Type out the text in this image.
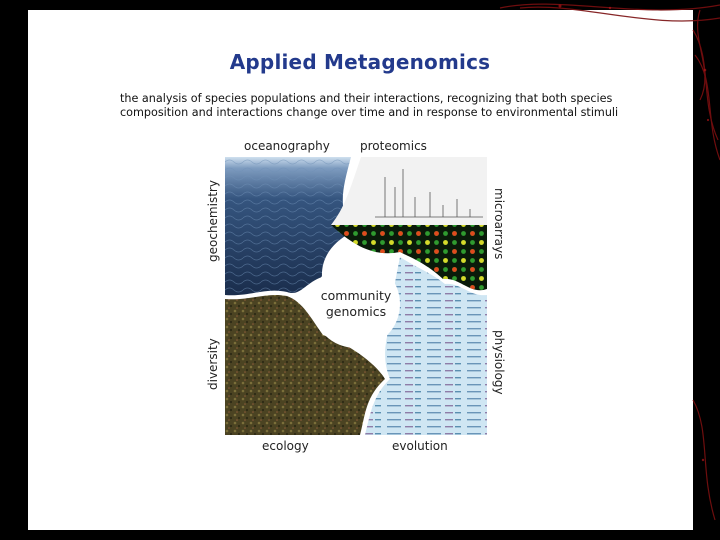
Applied Metagenomics
the analysis of species populations and their interactions, recognizing that both species
composition and interactions change over time and in response to environmental stimuli
community
genomics
oceanography	proteomics
ecology	evolution
geochemistry
diversity
microarrays
physiology
